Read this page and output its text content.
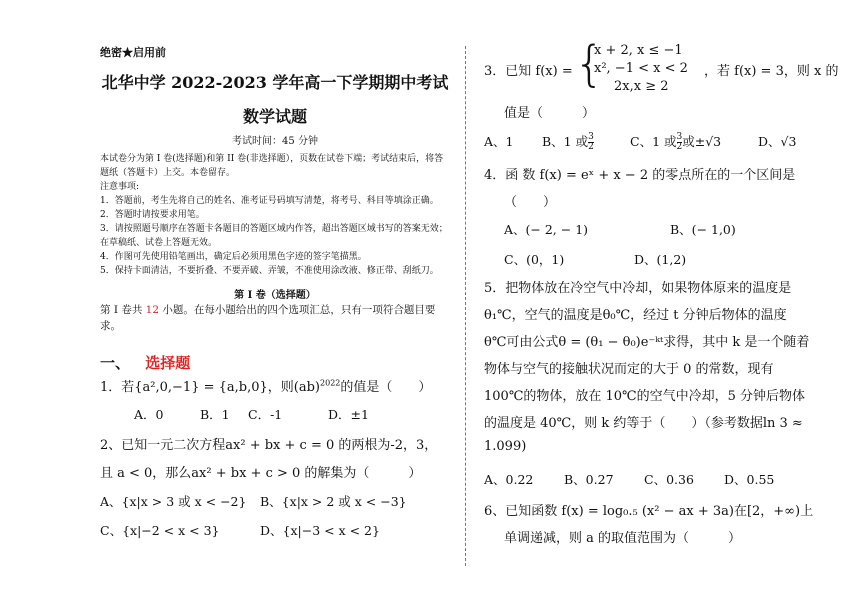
绝密★启用前
北华中学 2022-2023 学年高一下学期期中考试
数学试题
考试时间：45 分钟
本试卷分为第 I 卷(选择题)和第 II 卷(非选择题），页数在试卷下端；考试结束后，将答题纸（答题卡）上交。本卷留存。
注意事项:
1．答题前，考生先将自己的姓名、准考证号码填写清楚，将考号、科目等填涂正确。
2．答题时请按要求用笔。
3．请按照题号顺序在答题卡各题目的答题区域内作答，超出答题区域书写的答案无效；在草稿纸、试卷上答题无效。
4．作图可先使用铅笔画出，确定后必须用黑色字迹的签字笔描黑。
5．保持卡面清洁，不要折叠、不要弄破、弄皱，不准使用涂改液、修正带、刮纸刀。
第 I 卷（选择题）
第 I 卷共 12 小题。在每小题给出的四个选项汇总，只有一项符合题目要求。
一、 选择题
1．若{a²,0,−1} = {a,b,0}，则(ab)$^{2022}$的值是（　　）
A．0	B．1 C．-1	D．±1
2、已知一元二次方程ax² + bx + c = 0 的两根为-2，3，
且 a < 0，那么ax² + bx + c > 0 的解集为（　　　）
A、{x|x > 3 或 x < −2} B、{x|x > 2 或 x < −3}
C、{x|−2 < x < 3}	D、{x|−3 < x < 2}
3．已知 f(x) = {
x + 2, x ≤ −1
x², −1 < x < 2
2x,x ≥ 2
，若 f(x) = 3，则 x 的
值是（　　　）
A、1 B、1 或 $\frac{3}{2}$	C、1 或 $\frac{3}{2}$ 或±√3	D、√3
4．函 数 f(x) = eˣ + x − 2 的零点所在的一个区间是
（　　）
A、(− 2, − 1)	B、(− 1,0)
C、(0，1)	D、(1,2)
5．把物体放在冷空气中冷却，如果物体原来的温度是
θ₁℃，空气的温度是θ₀℃，经过 t 分钟后物体的温度
θ℃可由公式θ = (θ₁ − θ₀)e⁻ᵏᵗ求得，其中 k 是一个随着
物体与空气的接触状况而定的大于 0 的常数，现有
100℃的物体，放在 10℃的空气中冷却，5 分钟后物体
的温度是 40℃，则 k 约等于（　　）（参考数据ln 3 ≈
1.099)
A、0.22 B、0.27 C、0.36 D、0.55
6、已知函数 f(x) = log₀.₅ (x² − ax + 3a)在[2，+∞)上
单调递减，则 a 的取值范围为（　　　）
